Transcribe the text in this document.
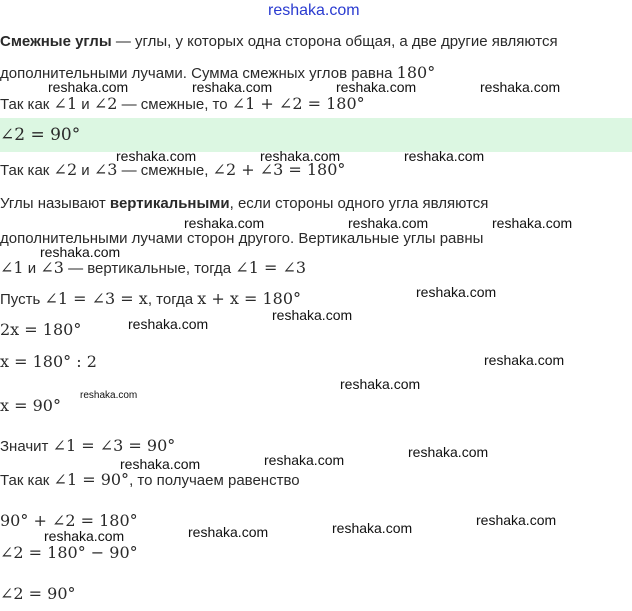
reshaka.com
Смежные углы — углы, у которых одна сторона общая, а две другие являются
дополнительными лучами. Сумма смежных углов равна 180°
Так как ∠1 и ∠2 — смежные, то ∠1 + ∠2 = 180°
∠2 = 90°
Так как ∠2 и ∠3 — смежные, ∠2 + ∠3 = 180°
Углы называют вертикальными, если стороны одного угла являются
дополнительными лучами сторон другого. Вертикальные углы равны
∠1 и ∠3 — вертикальные, тогда ∠1 = ∠3
Пусть ∠1 = ∠3 = x, тогда x + x = 180°
2x = 180°
x = 180° : 2
x = 90°
Значит ∠1 = ∠3 = 90°
Так как ∠1 = 90°, то получаем равенство
90° + ∠2 = 180°
∠2 = 180° − 90°
∠2 = 90°
reshaka.com	reshaka.com	reshaka.com	reshaka.com
reshaka.com	reshaka.com	reshaka.com
reshaka.com	reshaka.com	reshaka.com
reshaka.com
reshaka.com
reshaka.com
reshaka.com
reshaka.com
reshaka.com
reshaka.com
reshaka.com
reshaka.com
reshaka.com
reshaka.com
reshaka.com
reshaka.com
reshaka.com
